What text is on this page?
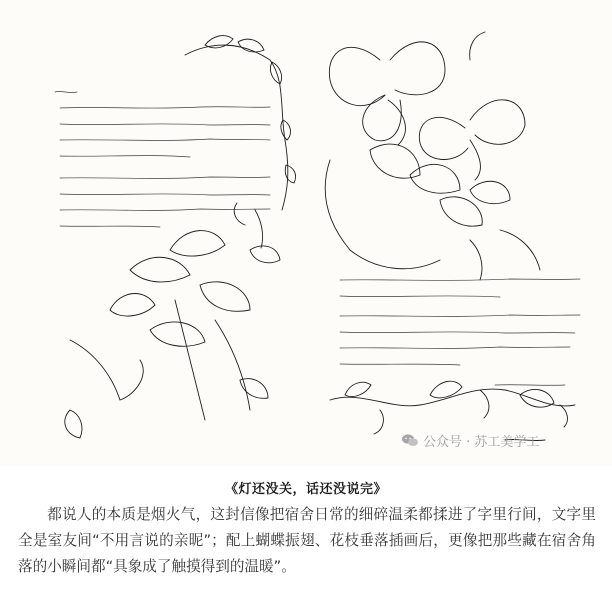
公众号 · 苏工美学工
《灯还没关，话还没说完》

都说人的本质是烟火气，这封信像把宿舍日常的细碎温柔都揉进了字里行间，文字里全是室友间“不用言说的亲昵”；配上蝴蝶振翅、花枝垂落插画后，更像把那些藏在宿舍角落的小瞬间都“具象成了触摸得到的温暖”。
